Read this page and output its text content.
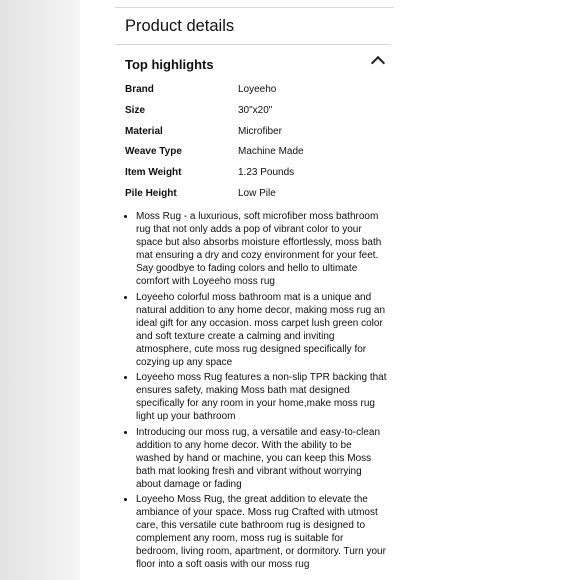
Product details
Top highlights
Brand	Loyeeho
Size	30"x20"
Material	Microfiber
Weave Type	Machine Made
Item Weight	1.23 Pounds
Pile Height	Low Pile
• Moss Rug - a luxurious, soft microfiber moss bathroom rug that not only adds a pop of vibrant color to your space but also absorbs moisture effortlessly, moss bath mat ensuring a dry and cozy environment for your feet. Say goodbye to fading colors and hello to ultimate comfort with Loyeeho moss rug
• Loyeeho colorful moss bathroom mat is a unique and natural addition to any home decor, making moss rug an ideal gift for any occasion. moss carpet lush green color and soft texture create a calming and inviting atmosphere, cute moss rug designed specifically for cozying up any space
• Loyeeho moss Rug features a non-slip TPR backing that ensures safety, making Moss bath mat designed specifically for any room in your home,make moss rug light up your bathroom
• Introducing our moss rug, a versatile and easy-to-clean addition to any home decor. With the ability to be washed by hand or machine, you can keep this Moss bath mat looking fresh and vibrant without worrying about damage or fading
• Loyeeho Moss Rug, the great addition to elevate the ambiance of your space. Moss rug Crafted with utmost care, this versatile cute bathroom rug is designed to complement any room, moss rug is suitable for bedroom, living room, apartment, or dormitory. Turn your floor into a soft oasis with our moss rug
